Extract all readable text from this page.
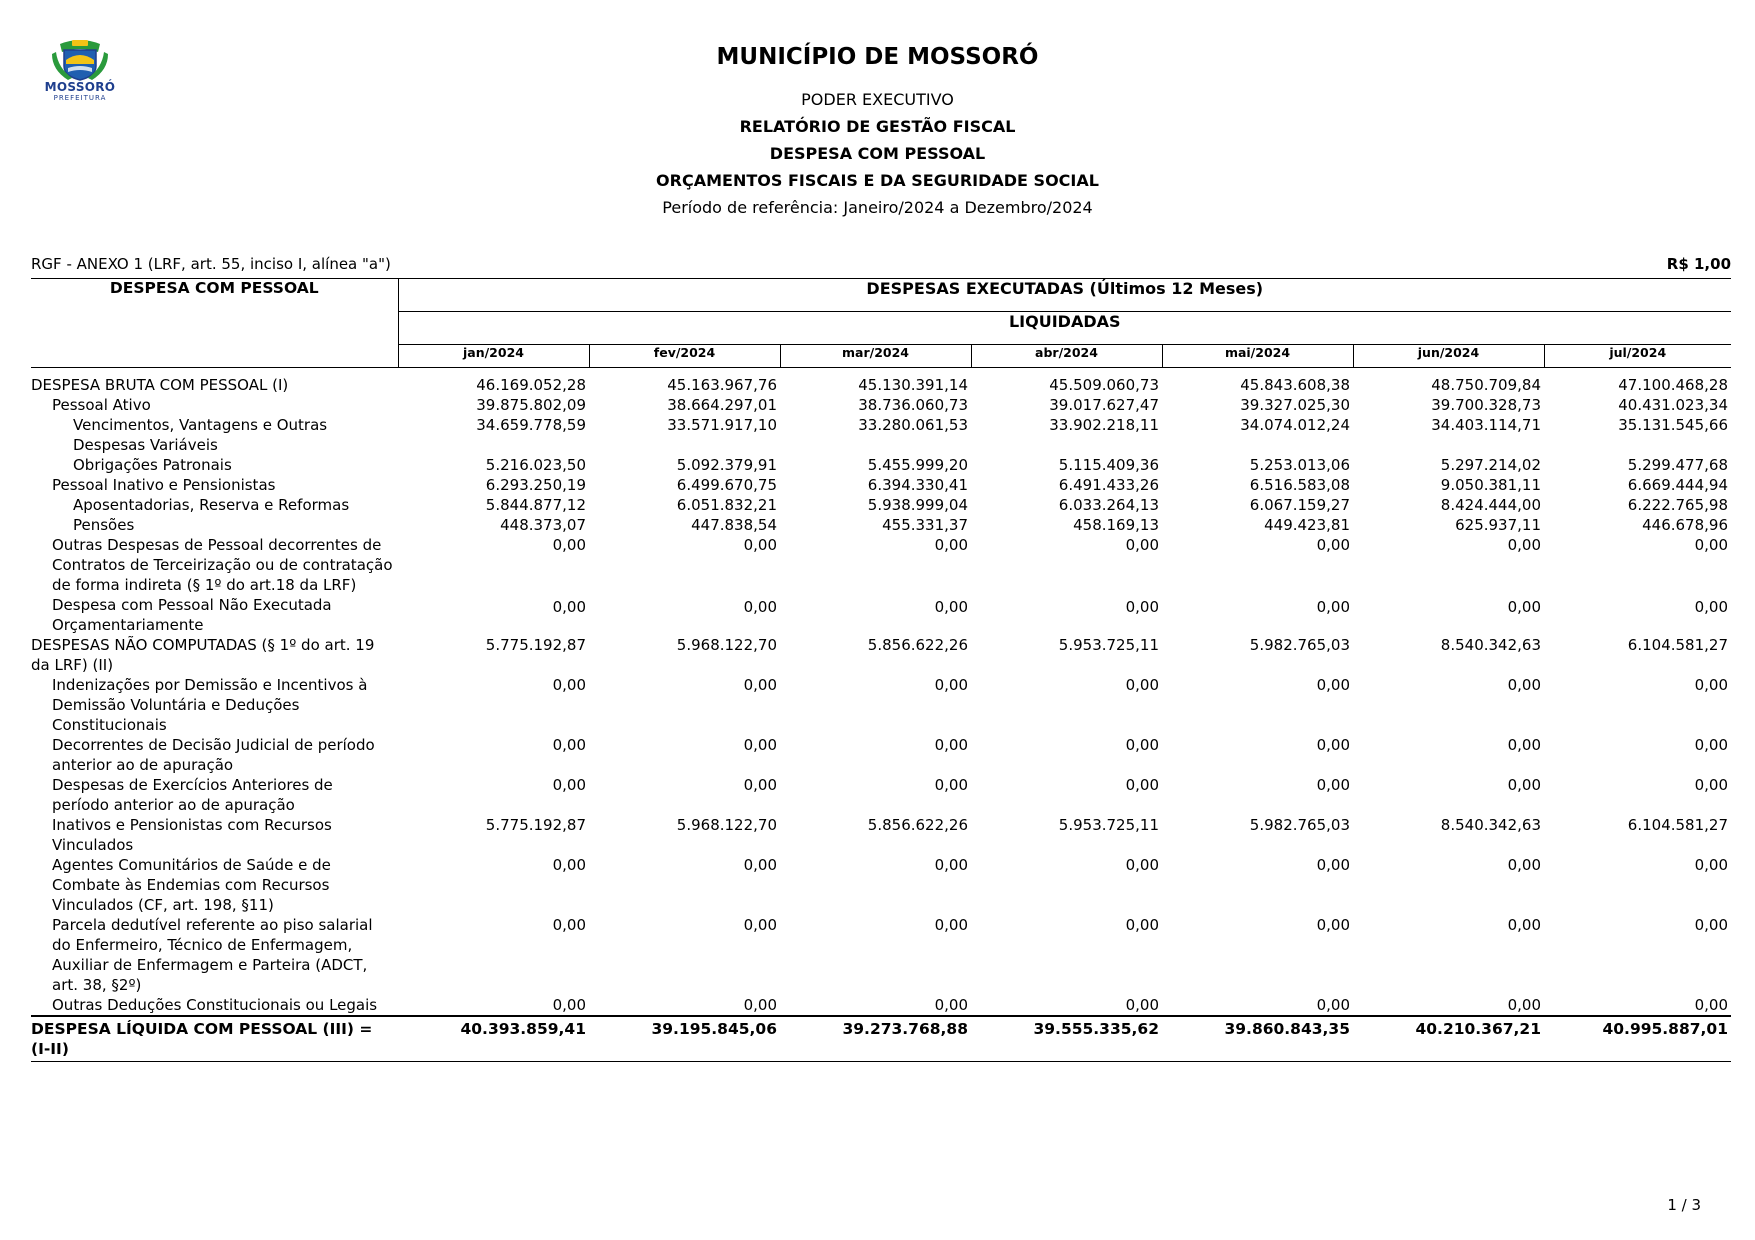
MOSSORÓ
PREFEITURA
MUNICÍPIO DE MOSSORÓ
PODER EXECUTIVO
RELATÓRIO DE GESTÃO FISCAL
DESPESA COM PESSOAL
ORÇAMENTOS FISCAIS E DA SEGURIDADE SOCIAL
Período de referência: Janeiro/2024 a Dezembro/2024
RGF - ANEXO 1 (LRF, art. 55, inciso I, alínea "a")	R$ 1,00
DESPESA COM PESSOAL	DESPESAS EXECUTADAS (Últimos 12 Meses)						
	LIQUIDADAS						
	jan/2024	fev/2024	mar/2024	abr/2024	mai/2024	jun/2024	jul/2024
DESPESA BRUTA COM PESSOAL (I)	46.169.052,28	45.163.967,76	45.130.391,14	45.509.060,73	45.843.608,38	48.750.709,84	47.100.468,28
Pessoal Ativo	39.875.802,09	38.664.297,01	38.736.060,73	39.017.627,47	39.327.025,30	39.700.328,73	40.431.023,34
Vencimentos, Vantagens e Outras Despesas Variáveis	34.659.778,59	33.571.917,10	33.280.061,53	33.902.218,11	34.074.012,24	34.403.114,71	35.131.545,66
Obrigações Patronais	5.216.023,50	5.092.379,91	5.455.999,20	5.115.409,36	5.253.013,06	5.297.214,02	5.299.477,68
Pessoal Inativo e Pensionistas	6.293.250,19	6.499.670,75	6.394.330,41	6.491.433,26	6.516.583,08	9.050.381,11	6.669.444,94
Aposentadorias, Reserva e Reformas	5.844.877,12	6.051.832,21	5.938.999,04	6.033.264,13	6.067.159,27	8.424.444,00	6.222.765,98
Pensões	448.373,07	447.838,54	455.331,37	458.169,13	449.423,81	625.937,11	446.678,96
Outras Despesas de Pessoal decorrentes de Contratos de Terceirização ou de contratação de forma indireta (§ 1º do art.18 da LRF)	0,00	0,00	0,00	0,00	0,00	0,00	0,00
Despesa com Pessoal Não Executada Orçamentariamente	0,00	0,00	0,00	0,00	0,00	0,00	0,00
DESPESAS NÃO COMPUTADAS (§ 1º do art. 19 da LRF) (II)	5.775.192,87	5.968.122,70	5.856.622,26	5.953.725,11	5.982.765,03	8.540.342,63	6.104.581,27
Indenizações por Demissão e Incentivos à Demissão Voluntária e Deduções Constitucionais	0,00	0,00	0,00	0,00	0,00	0,00	0,00
Decorrentes de Decisão Judicial de período anterior ao de apuração	0,00	0,00	0,00	0,00	0,00	0,00	0,00
Despesas de Exercícios Anteriores de período anterior ao de apuração	0,00	0,00	0,00	0,00	0,00	0,00	0,00
Inativos e Pensionistas com Recursos Vinculados	5.775.192,87	5.968.122,70	5.856.622,26	5.953.725,11	5.982.765,03	8.540.342,63	6.104.581,27
Agentes Comunitários de Saúde e de Combate às Endemias com Recursos Vinculados (CF, art. 198, §11)	0,00	0,00	0,00	0,00	0,00	0,00	0,00
Parcela dedutível referente ao piso salarial do Enfermeiro, Técnico de Enfermagem, Auxiliar de Enfermagem e Parteira (ADCT, art. 38, §2º)	0,00	0,00	0,00	0,00	0,00	0,00	0,00
Outras Deduções Constitucionais ou Legais	0,00	0,00	0,00	0,00	0,00	0,00	0,00
DESPESA LÍQUIDA COM PESSOAL (III) = (I-II)	40.393.859,41	39.195.845,06	39.273.768,88	39.555.335,62	39.860.843,35	40.210.367,21	40.995.887,01
1 / 3
